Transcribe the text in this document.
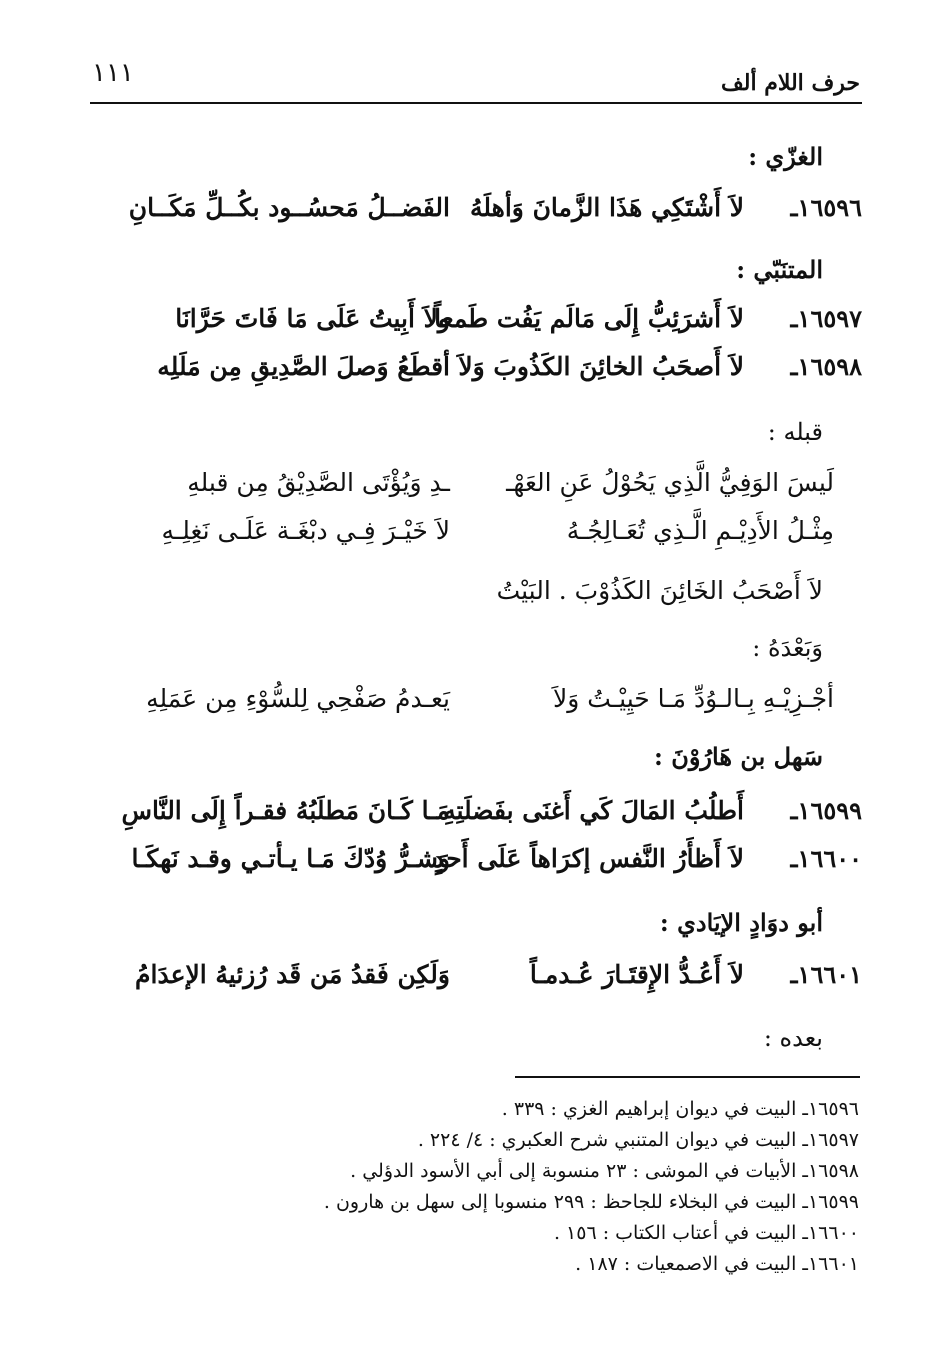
١١١	حرف اللام ألف
الغزّي :
١٦٥٩٦ـ
لاَ أَشْتَكِي هَذَا الزَّمانَ وَأهلَهُ
الفَضــلُ مَحسُــود بكُــلِّ مَكَــانِ
المتنَبّي :
١٦٥٩٧ـ
لاَ أَشرَئِبُّ إِلَى مَالَم يَفُت طَمعاً
ولاَ أَبِيتُ عَلَى مَا فَاتَ حَرَّانَا
١٦٥٩٨ـ
لاَ أَصحَبُ الخائِنَ الكَذُوبَ وَلاَ
أقطَعُ وَصلَ الصَّدِيقِ مِن مَلَلِه
قبله :
لَيسَ الوَفِيُّ الَّذِي يَحُوْلُ عَنِ العَهْـ
ـدِ وَيُؤْتَى الصَّدِيْقُ مِن قبلهِ
مِثْـلُ الأَدِيْـمِ الَّـذِي تُعَـالِجُـهُ
لاَ خَيْـرَ فِـي دبْغَـة عَلَـى نَغِلِـهِ
لاَ أَصْحَبُ الخَائِنَ الكَذُوْبَ . البَيْتُ
وَبَعْدَهُ :
أجْـزِيْـهِ بِـالـوُدِّ مَـا حَيِيْـتُ وَلاَ
يَعـدمُ صَفْحِي لِلسُّوْءِ مِن عَمَلِهِ
سَهل بن هَارُوْنَ :
١٦٥٩٩ـ
أَطلُبُ المَالَ كَي أَغنَى بفَضلَتِهِ
مَـا كَـانَ مَطلَبُهُ فقـراً إِلَى النَّاسِ
١٦٦٠٠ـ
لاَ أَظأَرُ النَّفس إكرَاهاً عَلَى أَحدٍ
وَشـرُّ وُدّكَ مَـا يـأتـي وقـد نَهكَـا
أبو دوَادٍ الإيَادي :
١٦٦٠١ـ
لاَ أَعُـدُّ الإِقتَـارَ عُـدمـاً
وَلَكِن فَقدُ مَن قَد رُزئيهُ الإعدَامُ
بعده :
١٦٥٩٦ـ البيت في ديوان إبراهيم الغزي : ٣٣٩ .
١٦٥٩٧ـ البيت في ديوان المتنبي شرح العكبري : ٤/ ٢٢٤ .
١٦٥٩٨ـ الأبيات في الموشى : ٢٣ منسوبة إلى أبي الأسود الدؤلي .
١٦٥٩٩ـ البيت في البخلاء للجاحظ : ٢٩٩ منسوبا إلى سهل بن هارون .
١٦٦٠٠ـ البيت في أعتاب الكتاب : ١٥٦ .
١٦٦٠١ـ البيت في الاصمعيات : ١٨٧ .
